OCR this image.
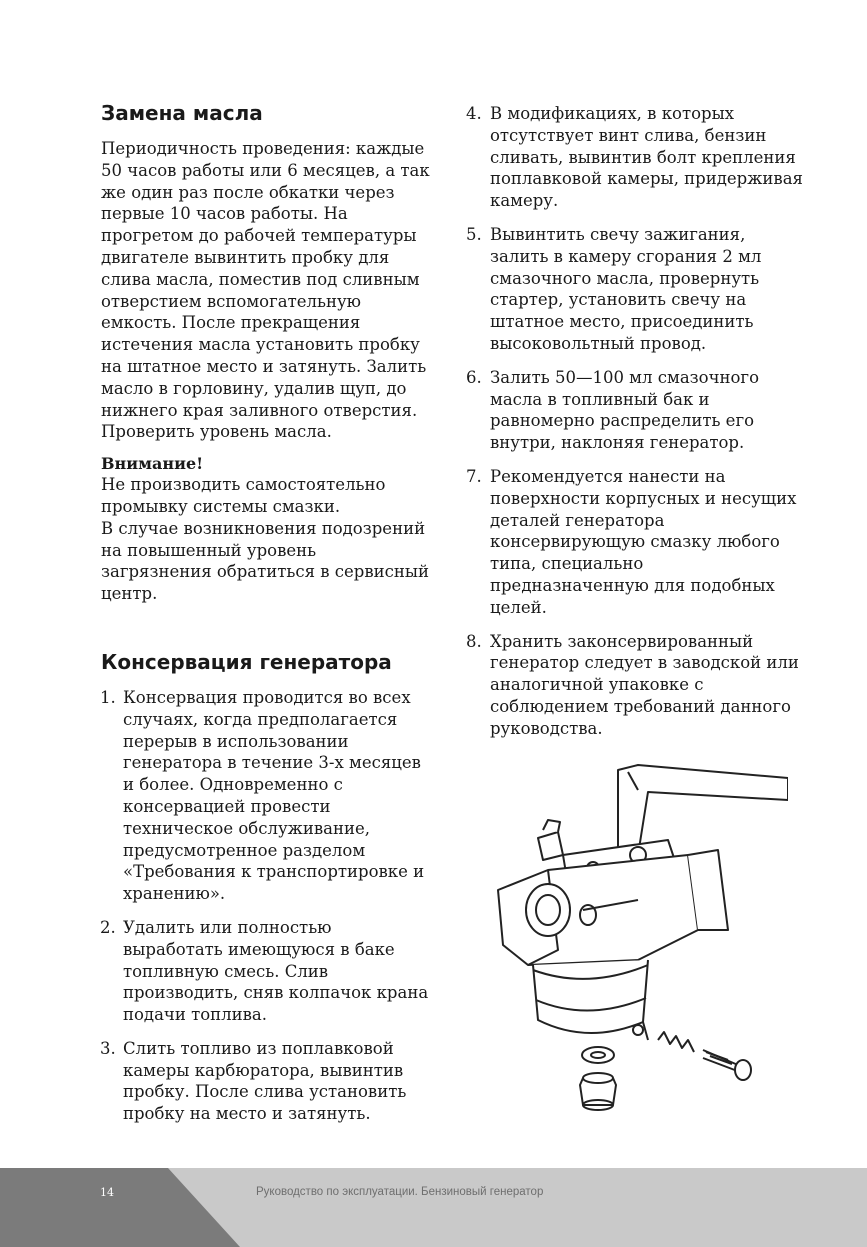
Замена масла

Периодичность проведения: каждые 50 часов работы или 6 месяцев, а так же один раз после обкатки через первые 10 часов работы. На прогретом до рабочей температуры двигателе вывинтить пробку для слива масла, поместив под сливным отверстием вспомогательную емкость. После прекращения истечения масла установить пробку на штатное место и затянуть. Залить масло в горловину, удалив щуп, до нижнего края заливного отверстия. Проверить уровень масла.

Внимание!

Не производить самостоятельно промывку системы смазки.

В случае возникновения подозрений на повышенный уровень загрязнения обратиться в сервисный центр.

Консервация генератора
1. Консервация проводится во всех случаях, когда предполагается перерыв в использовании генератора в течение 3-х месяцев и более. Одновременно с консервацией провести техническое обслуживание, предусмотренное разделом «Требования к транспортировке и хранению».
2. Удалить или полностью выработать имеющуюся в баке топливную смесь. Слив производить, сняв колпачок крана подачи топлива.
3. Слить топливо из поплавковой камеры карбюратора, вывинтив пробку. После слива установить пробку на место и затянуть.
4. В модификациях, в которых отсутствует винт слива, бензин сливать, вывинтив болт крепления поплавковой камеры, придерживая камеру.
5. Вывинтить свечу зажигания, залить в камеру сгорания 2 мл смазочного масла, провернуть стартер, установить свечу на штатное место, присоединить высоковольтный провод.
6. Залить 50—100 мл смазочного масла в топливный бак и равномерно распределить его внутри, наклоняя генератор.
7. Рекомендуется нанести на поверхности корпусных и несущих деталей генератора консервирующую смазку любого типа, специально предназначенную для подобных целей.
8. Хранить законсервированный генератор следует в заводской или аналогичной упаковке с соблюдением требований данного руководства.
14	Руководство по эксплуатации. Бензиновый генератор
